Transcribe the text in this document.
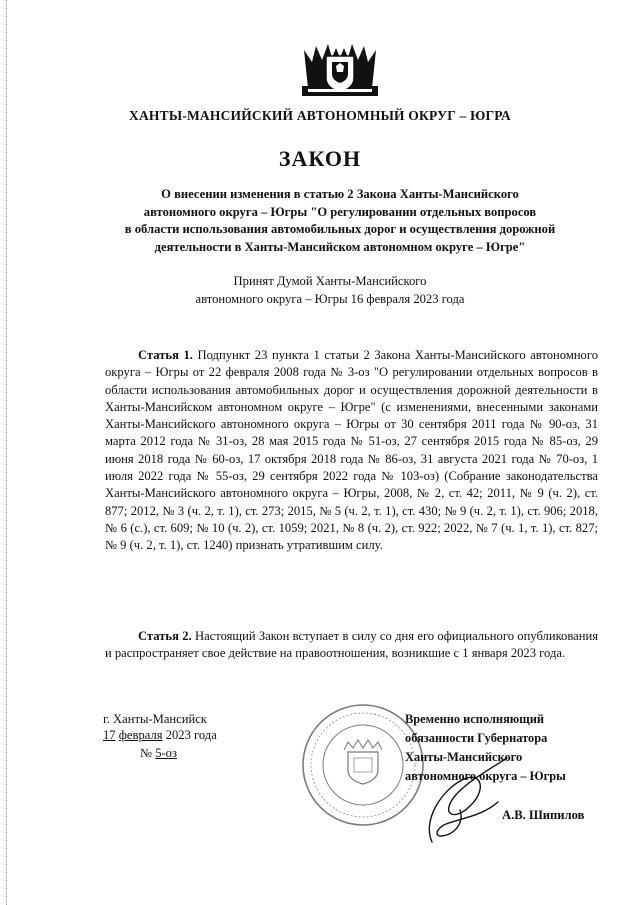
ХАНТЫ-МАНСИЙСКИЙ АВТОНОМНЫЙ ОКРУГ – ЮГРА
ЗАКОН
О внесении изменения в статью 2 Закона Ханты-Мансийского
автономного округа – Югры "О регулировании отдельных вопросов
в области использования автомобильных дорог и осуществления дорожной
деятельности в Ханты-Мансийском автономном округе – Югре"
Принят Думой Ханты-Мансийского
автономного округа – Югры 16 февраля 2023 года
Статья 1. Подпункт 23 пункта 1 статьи 2 Закона Ханты-Мансийского автономного округа – Югры от 22 февраля 2008 года № 3-оз "О регулировании отдельных вопросов в области использования автомобильных дорог и осуществления дорожной деятельности в Ханты-Мансийском автономном округе – Югре" (с изменениями, внесенными законами Ханты-Мансийского автономного округа – Югры от 30 сентября 2011 года № 90-оз, 31 марта 2012 года № 31-оз, 28 мая 2015 года № 51-оз, 27 сентября 2015 года № 85-оз, 29 июня 2018 года № 60-оз, 17 октября 2018 года № 86-оз, 31 августа 2021 года № 70-оз, 1 июля 2022 года № 55-оз, 29 сентября 2022 года № 103-оз) (Собрание законодательства Ханты-Мансийского автономного округа – Югры, 2008, № 2, ст. 42; 2011, № 9 (ч. 2), ст. 877; 2012, № 3 (ч. 2, т. 1), ст. 273; 2015, № 5 (ч. 2, т. 1), ст. 430; № 9 (ч. 2, т. 1), ст. 906; 2018, № 6 (с.), ст. 609; № 10 (ч. 2), ст. 1059; 2021, № 8 (ч. 2), ст. 922; 2022, № 7 (ч. 1, т. 1), ст. 827; № 9 (ч. 2, т. 1), ст. 1240) признать утратившим силу.
Статья 2. Настоящий Закон вступает в силу со дня его официального опубликования и распространяет свое действие на правоотношения, возникшие с 1 января 2023 года.
г. Ханты-Мансийск
17 февраля 2023 года
№ 5-оз
Временно исполняющий
обязанности Губернатора
Ханты-Мансийского
автономного округа – Югры
А.В. Шипилов
